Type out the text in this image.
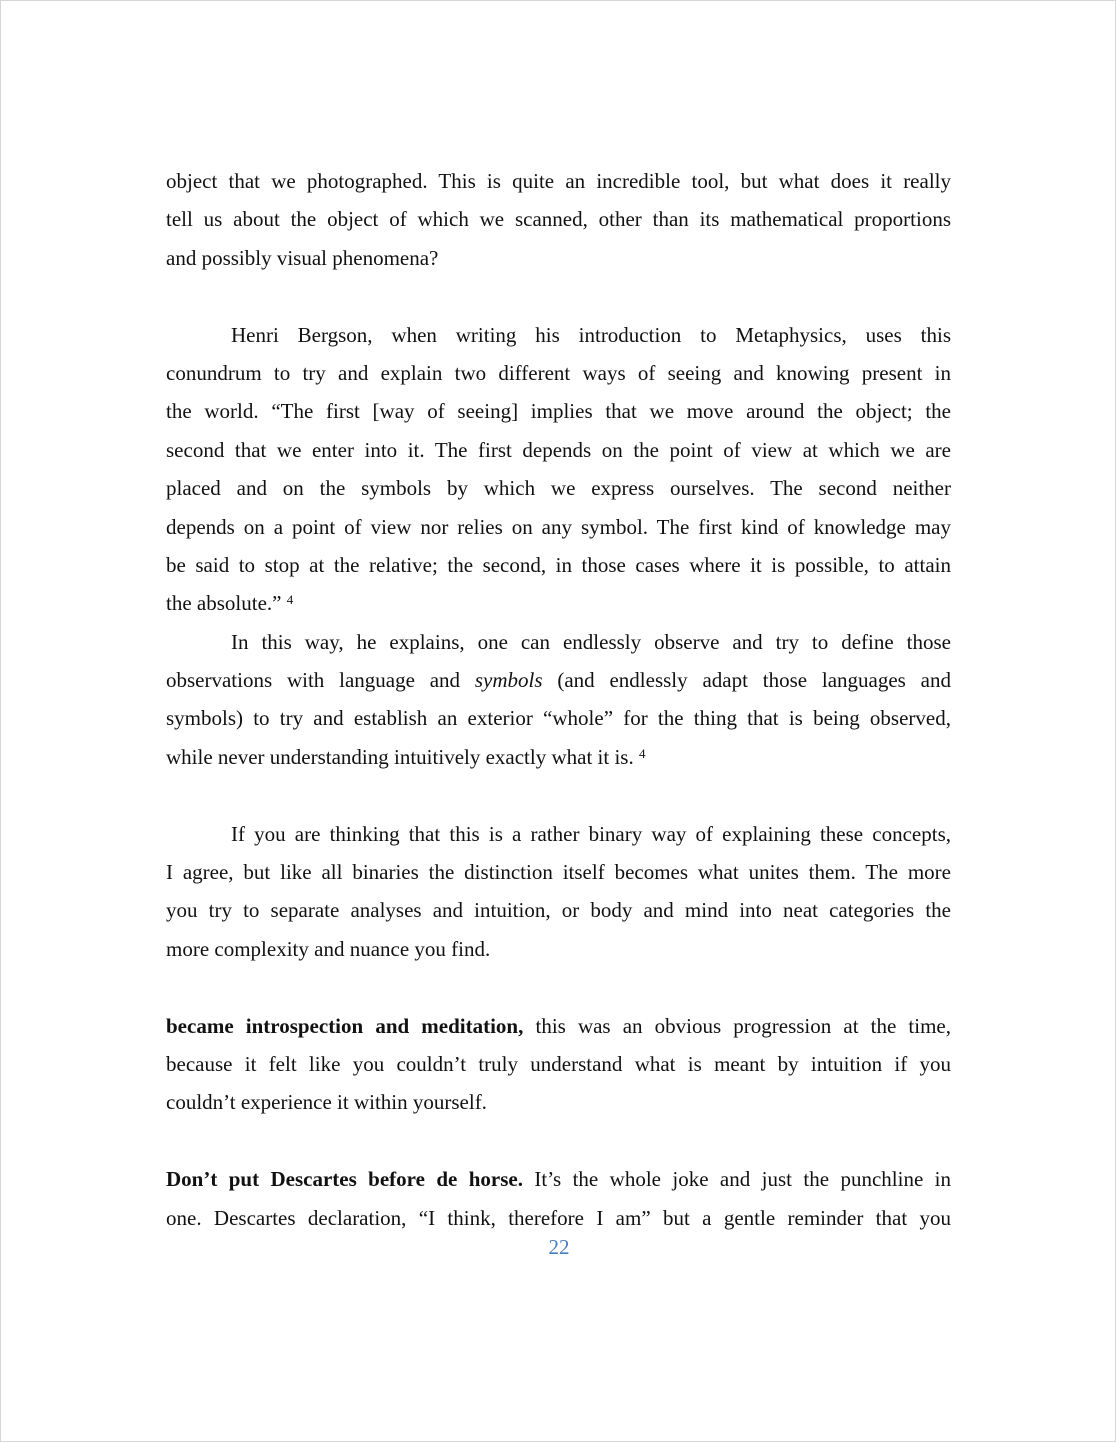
object that we photographed. This is quite an incredible tool, but what does it really
tell us about the object of which we scanned, other than its mathematical proportions
and possibly visual phenomena?
Henri Bergson, when writing his introduction to Metaphysics, uses this
conundrum to try and explain two different ways of seeing and knowing present in
the world. “The first [way of seeing] implies that we move around the object; the
second that we enter into it. The first depends on the point of view at which we are
placed and on the symbols by which we express ourselves. The second neither
depends on a point of view nor relies on any symbol. The first kind of knowledge may
be said to stop at the relative; the second, in those cases where it is possible, to attain
the absolute.” $^4$
In this way, he explains, one can endlessly observe and try to define those
observations with language and symbols (and endlessly adapt those languages and
symbols) to try and establish an exterior “whole” for the thing that is being observed,
while never understanding intuitively exactly what it is. $^4$
If you are thinking that this is a rather binary way of explaining these concepts,
I agree, but like all binaries the distinction itself becomes what unites them. The more
you try to separate analyses and intuition, or body and mind into neat categories the
more complexity and nuance you find.
became introspection and meditation, this was an obvious progression at the time,
because it felt like you couldn’t truly understand what is meant by intuition if you
couldn’t experience it within yourself.
Don’t put Descartes before de horse. It’s the whole joke and just the punchline in
one. Descartes declaration, “I think, therefore I am” but a gentle reminder that you
22
